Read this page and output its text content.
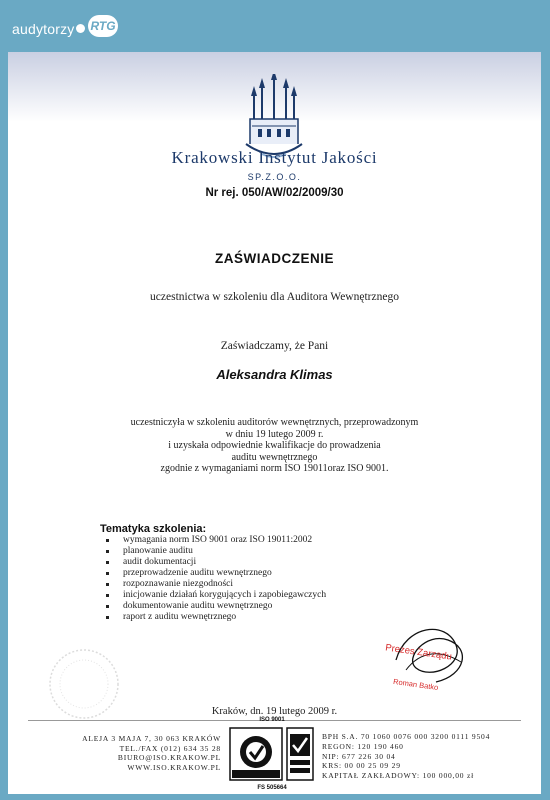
audytorzy RTG
Krakowski Instytut Jakości
SP.Z.O.O.
Nr rej. 050/AW/02/2009/30
ZAŚWIADCZENIE
uczestnictwa w szkoleniu dla Auditora Wewnętrznego
Zaświadczamy, że Pani
Aleksandra Klimas
uczestniczyła w szkoleniu auditorów wewnętrznych, przeprowadzonym
w dniu 19 lutego 2009 r.
i uzyskała odpowiednie kwalifikacje do prowadzenia
auditu wewnętrznego
zgodnie z wymaganiami norm ISO 19011oraz ISO 9001.
Tematyka szkolenia:
wymagania norm ISO 9001 oraz ISO 19011:2002
planowanie auditu
audit dokumentacji
przeprowadzenie auditu wewnętrznego
rozpoznawanie niezgodności
inicjowanie działań korygujących i zapobiegawczych
dokumentowanie auditu wewnętrznego
raport z auditu wewnętrznego
Prezes Zarządu
Roman Batko
Kraków, dn. 19 lutego 2009 r.
ALEJA 3 MAJA 7, 30 063 KRAKÓW
TEL./FAX (012) 634 35 28
BIURO@ISO.KRAKOW.PL
WWW.ISO.KRAKOW.PL
ISO 9001
FS 505664
BPH S.A. 70 1060 0076 000 3200 0111 9504
REGON: 120 190 460
NIP: 677 226 30 04
KRS: 00 00 25 09 29
KAPITAŁ ZAKŁADOWY: 100 000,00 zł
